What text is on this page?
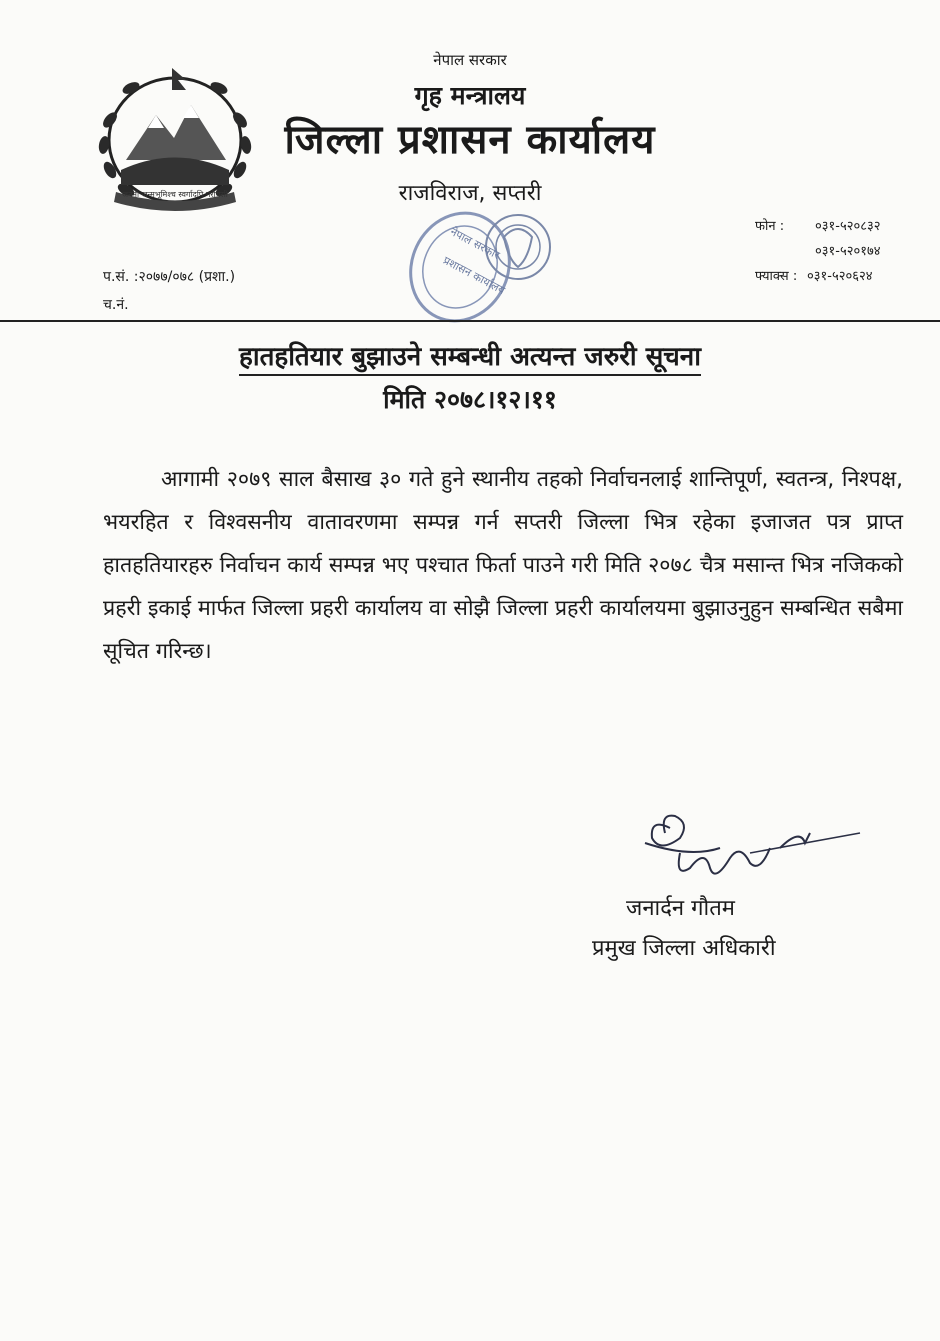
जननी जन्मभूमिश्च स्वर्गादपि गरीयसी
नेपाल सरकार
गृह मन्त्रालय
जिल्ला प्रशासन कार्यालय
राजविराज, सप्तरी
फोन : ०३१-५२०८३२
०३१-५२०१७४
फ्याक्स : ०३१-५२०६२४
प.सं. :२०७७/०७८ (प्रशा.)
च.नं.
नेपाल सरकार
प्रशासन कार्यालय
हातहतियार बुझाउने सम्बन्धी अत्यन्त जरुरी सूचना
मिति २०७८।१२।११
आगामी २०७९ साल बैसाख ३० गते हुने स्थानीय तहको निर्वाचनलाई शान्तिपूर्ण, स्वतन्त्र, निश्पक्ष, भयरहित र विश्वसनीय वातावरणमा सम्पन्न गर्न सप्तरी जिल्ला भित्र रहेका इजाजत पत्र प्राप्त हातहतियारहरु निर्वाचन कार्य सम्पन्न भए पश्चात फिर्ता पाउने गरी मिति २०७८ चैत्र मसान्त भित्र नजिकको प्रहरी इकाई मार्फत जिल्ला प्रहरी कार्यालय वा सोझै जिल्ला प्रहरी कार्यालयमा बुझाउनुहुन सम्बन्धित सबैमा सूचित गरिन्छ।
जनार्दन गौतम
प्रमुख जिल्ला अधिकारी
